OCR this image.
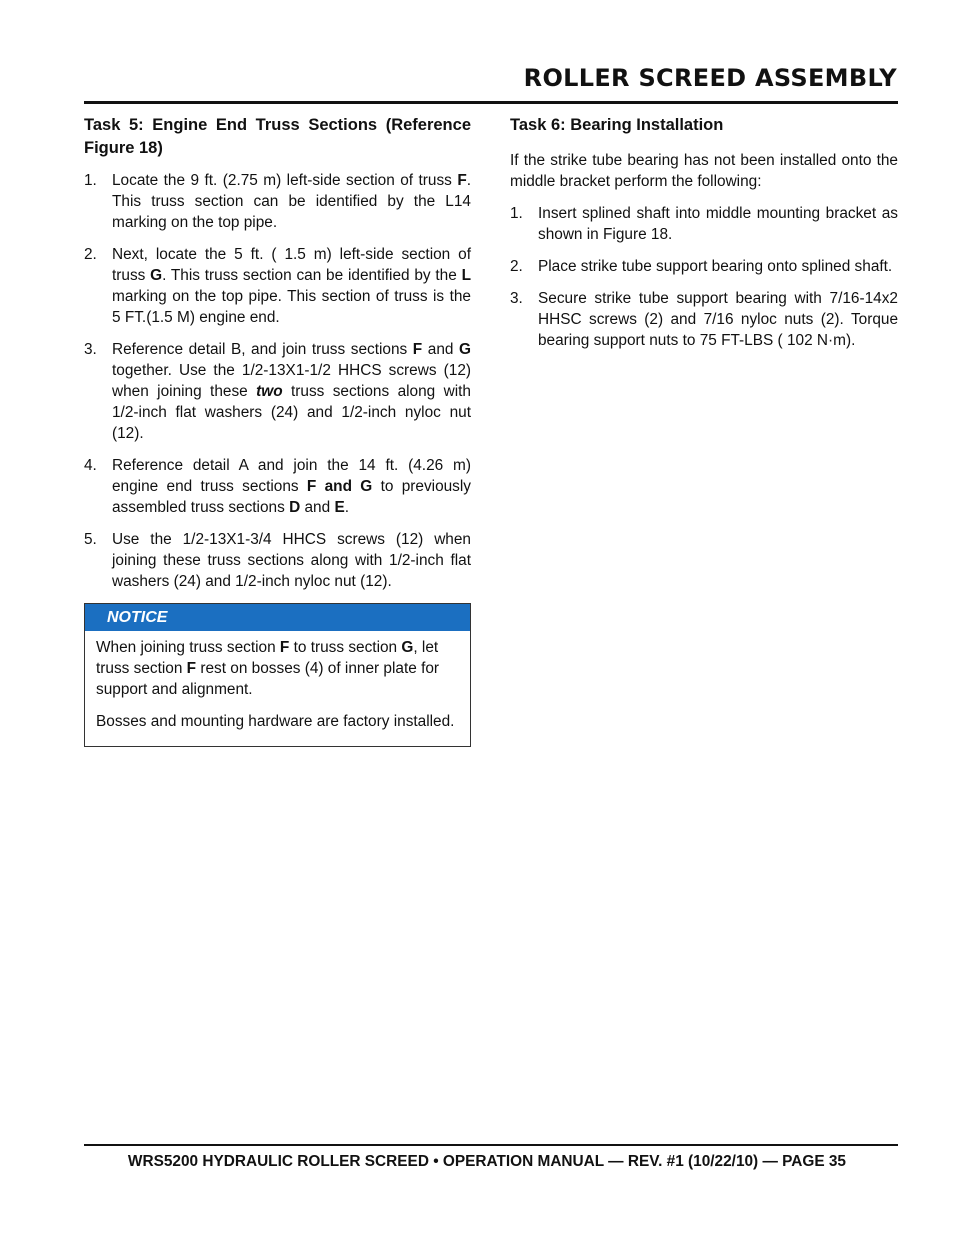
ROLLER SCREED ASSEMBLY
Task 5: Engine End Truss Sections (Reference Figure 18)
1. Locate the 9 ft. (2.75 m) left-side section of truss F. This truss section can be identified by the L14 marking on the top pipe.
2. Next, locate the 5 ft. ( 1.5 m) left-side section of truss G. This truss section can be identified by the L marking on the top pipe. This section of truss is the 5 FT.(1.5 M) engine end.
3. Reference detail B, and join truss sections F and G together. Use the 1/2-13X1-1/2 HHCS screws (12) when joining these two truss sections along with 1/2-inch flat washers (24) and 1/2-inch nyloc nut (12).
4. Reference detail A and join the 14 ft. (4.26 m) engine end truss sections F and G to previously assembled truss sections D and E.
5. Use the 1/2-13X1-3/4 HHCS screws (12) when joining these truss sections along with 1/2-inch flat washers (24) and 1/2-inch nyloc nut (12).
NOTICE

When joining truss section F to truss section G, let truss section F rest on bosses (4) of inner plate for support and alignment.

Bosses and mounting hardware are factory installed.

Task 6: Bearing Installation

If the strike tube bearing has not been installed onto the middle bracket perform the following:

1. Insert splined shaft into middle mounting bracket as shown in Figure 18.
2. Place strike tube support bearing onto splined shaft.
3. Secure strike tube support bearing with 7/16-14x2 HHSC screws (2) and 7/16 nyloc nuts (2). Torque bearing support nuts to 75 FT-LBS ( 102 N·m).
WRS5200 HYDRAULIC ROLLER SCREED • OPERATION MANUAL — REV. #1 (10/22/10) — PAGE 35
